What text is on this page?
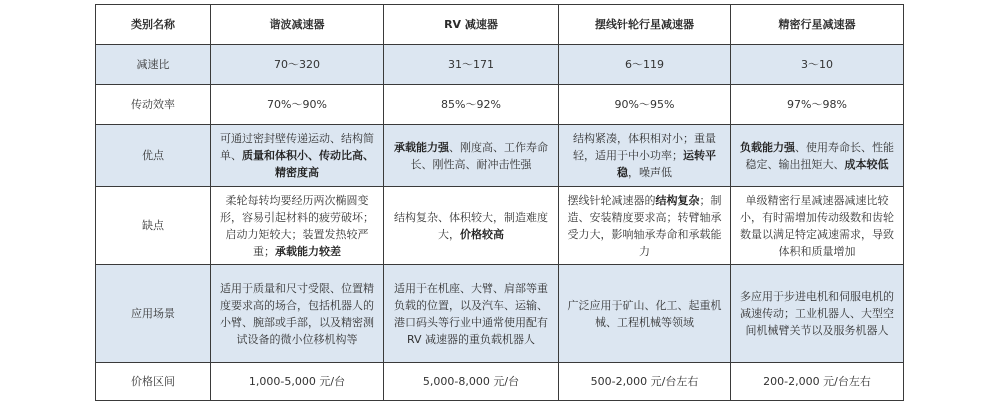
类别名称	谐波减速器	RV 减速器	摆线针轮行星减速器	精密行星减速器
减速比	70～320	31～171	6～119	3～10
传动效率	70%～90%	85%～92%	90%～95%	97%～98%
优点	可通过密封壁传递运动、结构简单、质量和体积小、传动比高、精密度高	承载能力强、刚度高、工作寿命长、刚性高、耐冲击性强	结构紧凑，体积相对小；重量轻，适用于中小功率；运转平稳，噪声低	负载能力强、使用寿命长、性能稳定、输出扭矩大、成本较低
缺点	柔轮每转均要经历两次椭圆变形，容易引起材料的疲劳破坏；启动力矩较大；装置发热较严重；承载能力较差	结构复杂、体积较大，制造难度大，价格较高	摆线针轮减速器的结构复杂；制造、安装精度要求高；转臂轴承受力大，影响轴承寿命和承载能力	单级精密行星减速器减速比较小，有时需增加传动级数和齿轮数量以满足特定减速需求，导致体积和质量增加
应用场景	适用于质量和尺寸受限、位置精度要求高的场合，包括机器人的小臂、腕部或手部，以及精密测试设备的微小位移机构等	适用于在机座、大臂、肩部等重负载的位置，以及汽车、运输、港口码头等行业中通常使用配有 RV 减速器的重负载机器人	广泛应用于矿山、化工、起重机械、工程机械等领域	多应用于步进电机和伺服电机的减速传动；工业机器人、大型空间机械臂关节以及服务机器人
价格区间	1,000-5,000 元/台	5,000-8,000 元/台	500-2,000 元/台左右	200-2,000 元/台左右
